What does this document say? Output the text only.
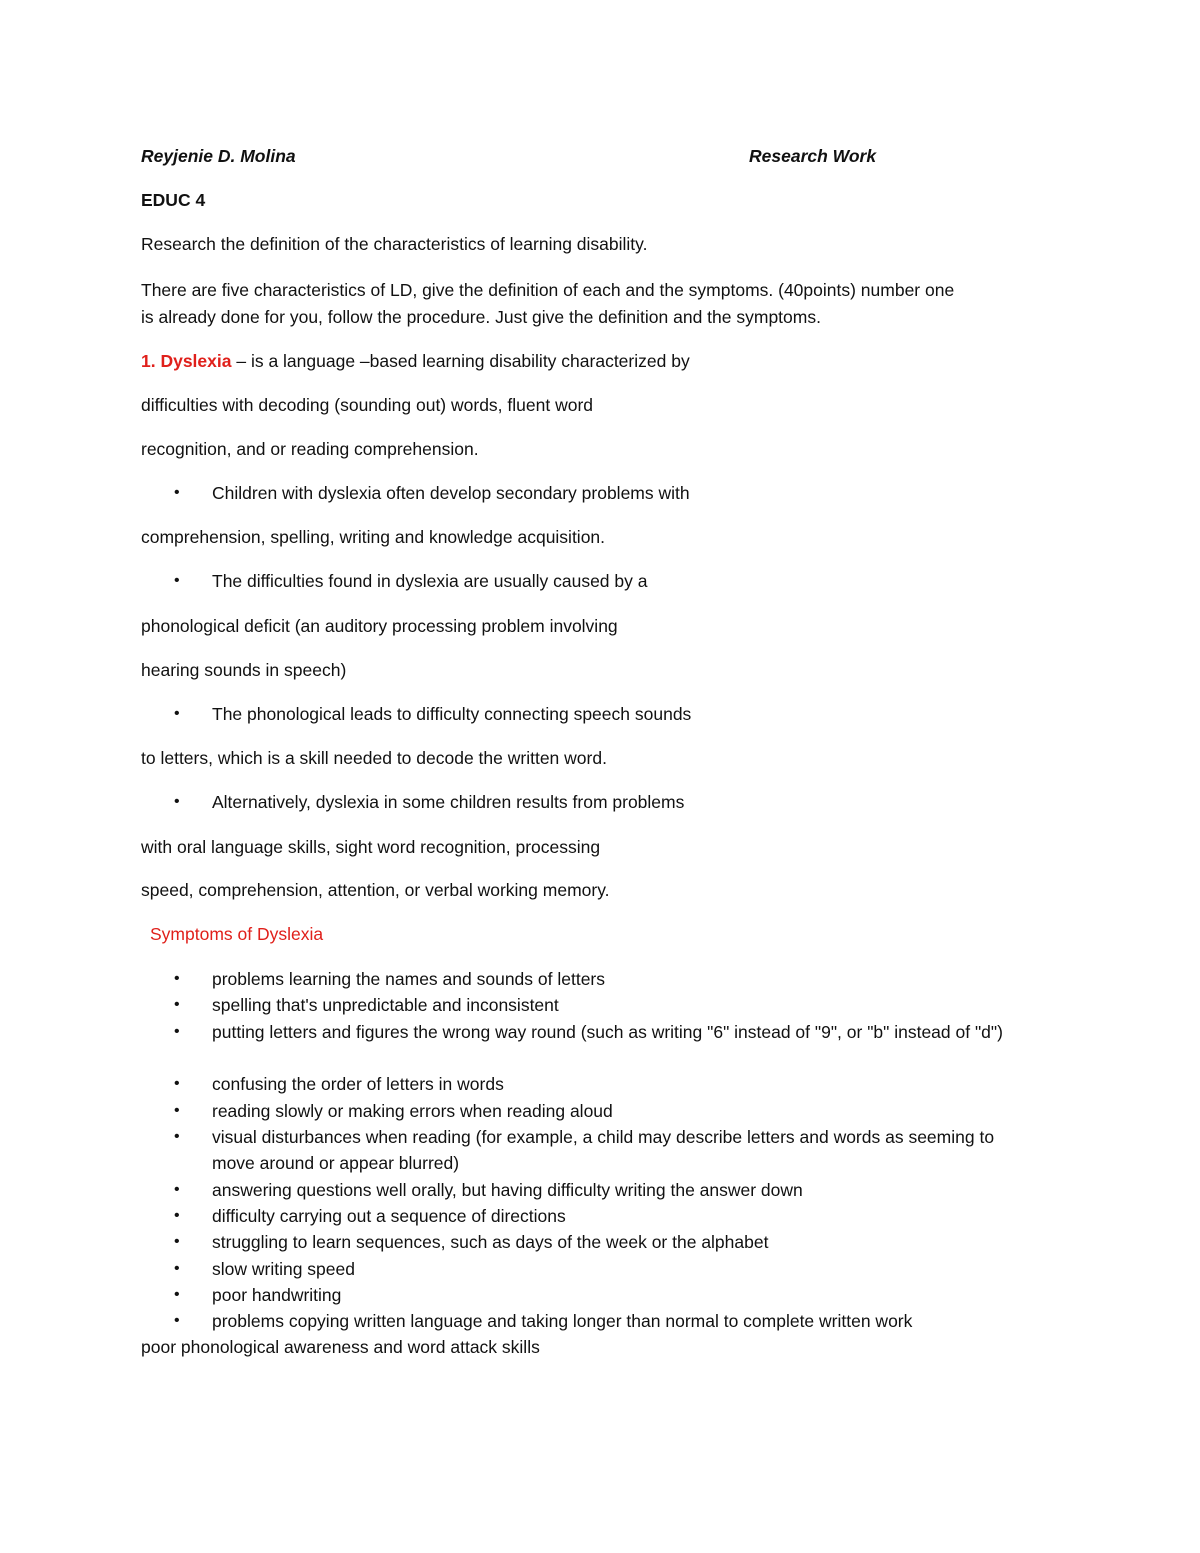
Reyjenie D. Molina	Research Work
EDUC 4
Research the definition of the characteristics of learning disability.
There are five characteristics of LD, give the definition of each and the symptoms. (40points) number one
is already done for you, follow the procedure. Just give the definition and the symptoms.
1. Dyslexia – is a language –based learning disability characterized by
difficulties with decoding (sounding out) words, fluent word
recognition, and or reading comprehension.
• Children with dyslexia often develop secondary problems with
comprehension, spelling, writing and knowledge acquisition.
• The difficulties found in dyslexia are usually caused by a
phonological deficit (an auditory processing problem involving
hearing sounds in speech)
• The phonological leads to difficulty connecting speech sounds
to letters, which is a skill needed to decode the written word.
• Alternatively, dyslexia in some children results from problems
with oral language skills, sight word recognition, processing
speed, comprehension, attention, or verbal working memory.
Symptoms of Dyslexia
• problems learning the names and sounds of letters
• spelling that's unpredictable and inconsistent
• putting letters and figures the wrong way round (such as writing "6" instead of "9", or "b" instead of "d")
• confusing the order of letters in words
• reading slowly or making errors when reading aloud
• visual disturbances when reading (for example, a child may describe letters and words as seeming to move around or appear blurred)
• answering questions well orally, but having difficulty writing the answer down
• difficulty carrying out a sequence of directions
• struggling to learn sequences, such as days of the week or the alphabet
• slow writing speed
• poor handwriting
• problems copying written language and taking longer than normal to complete written work
poor phonological awareness and word attack skills
